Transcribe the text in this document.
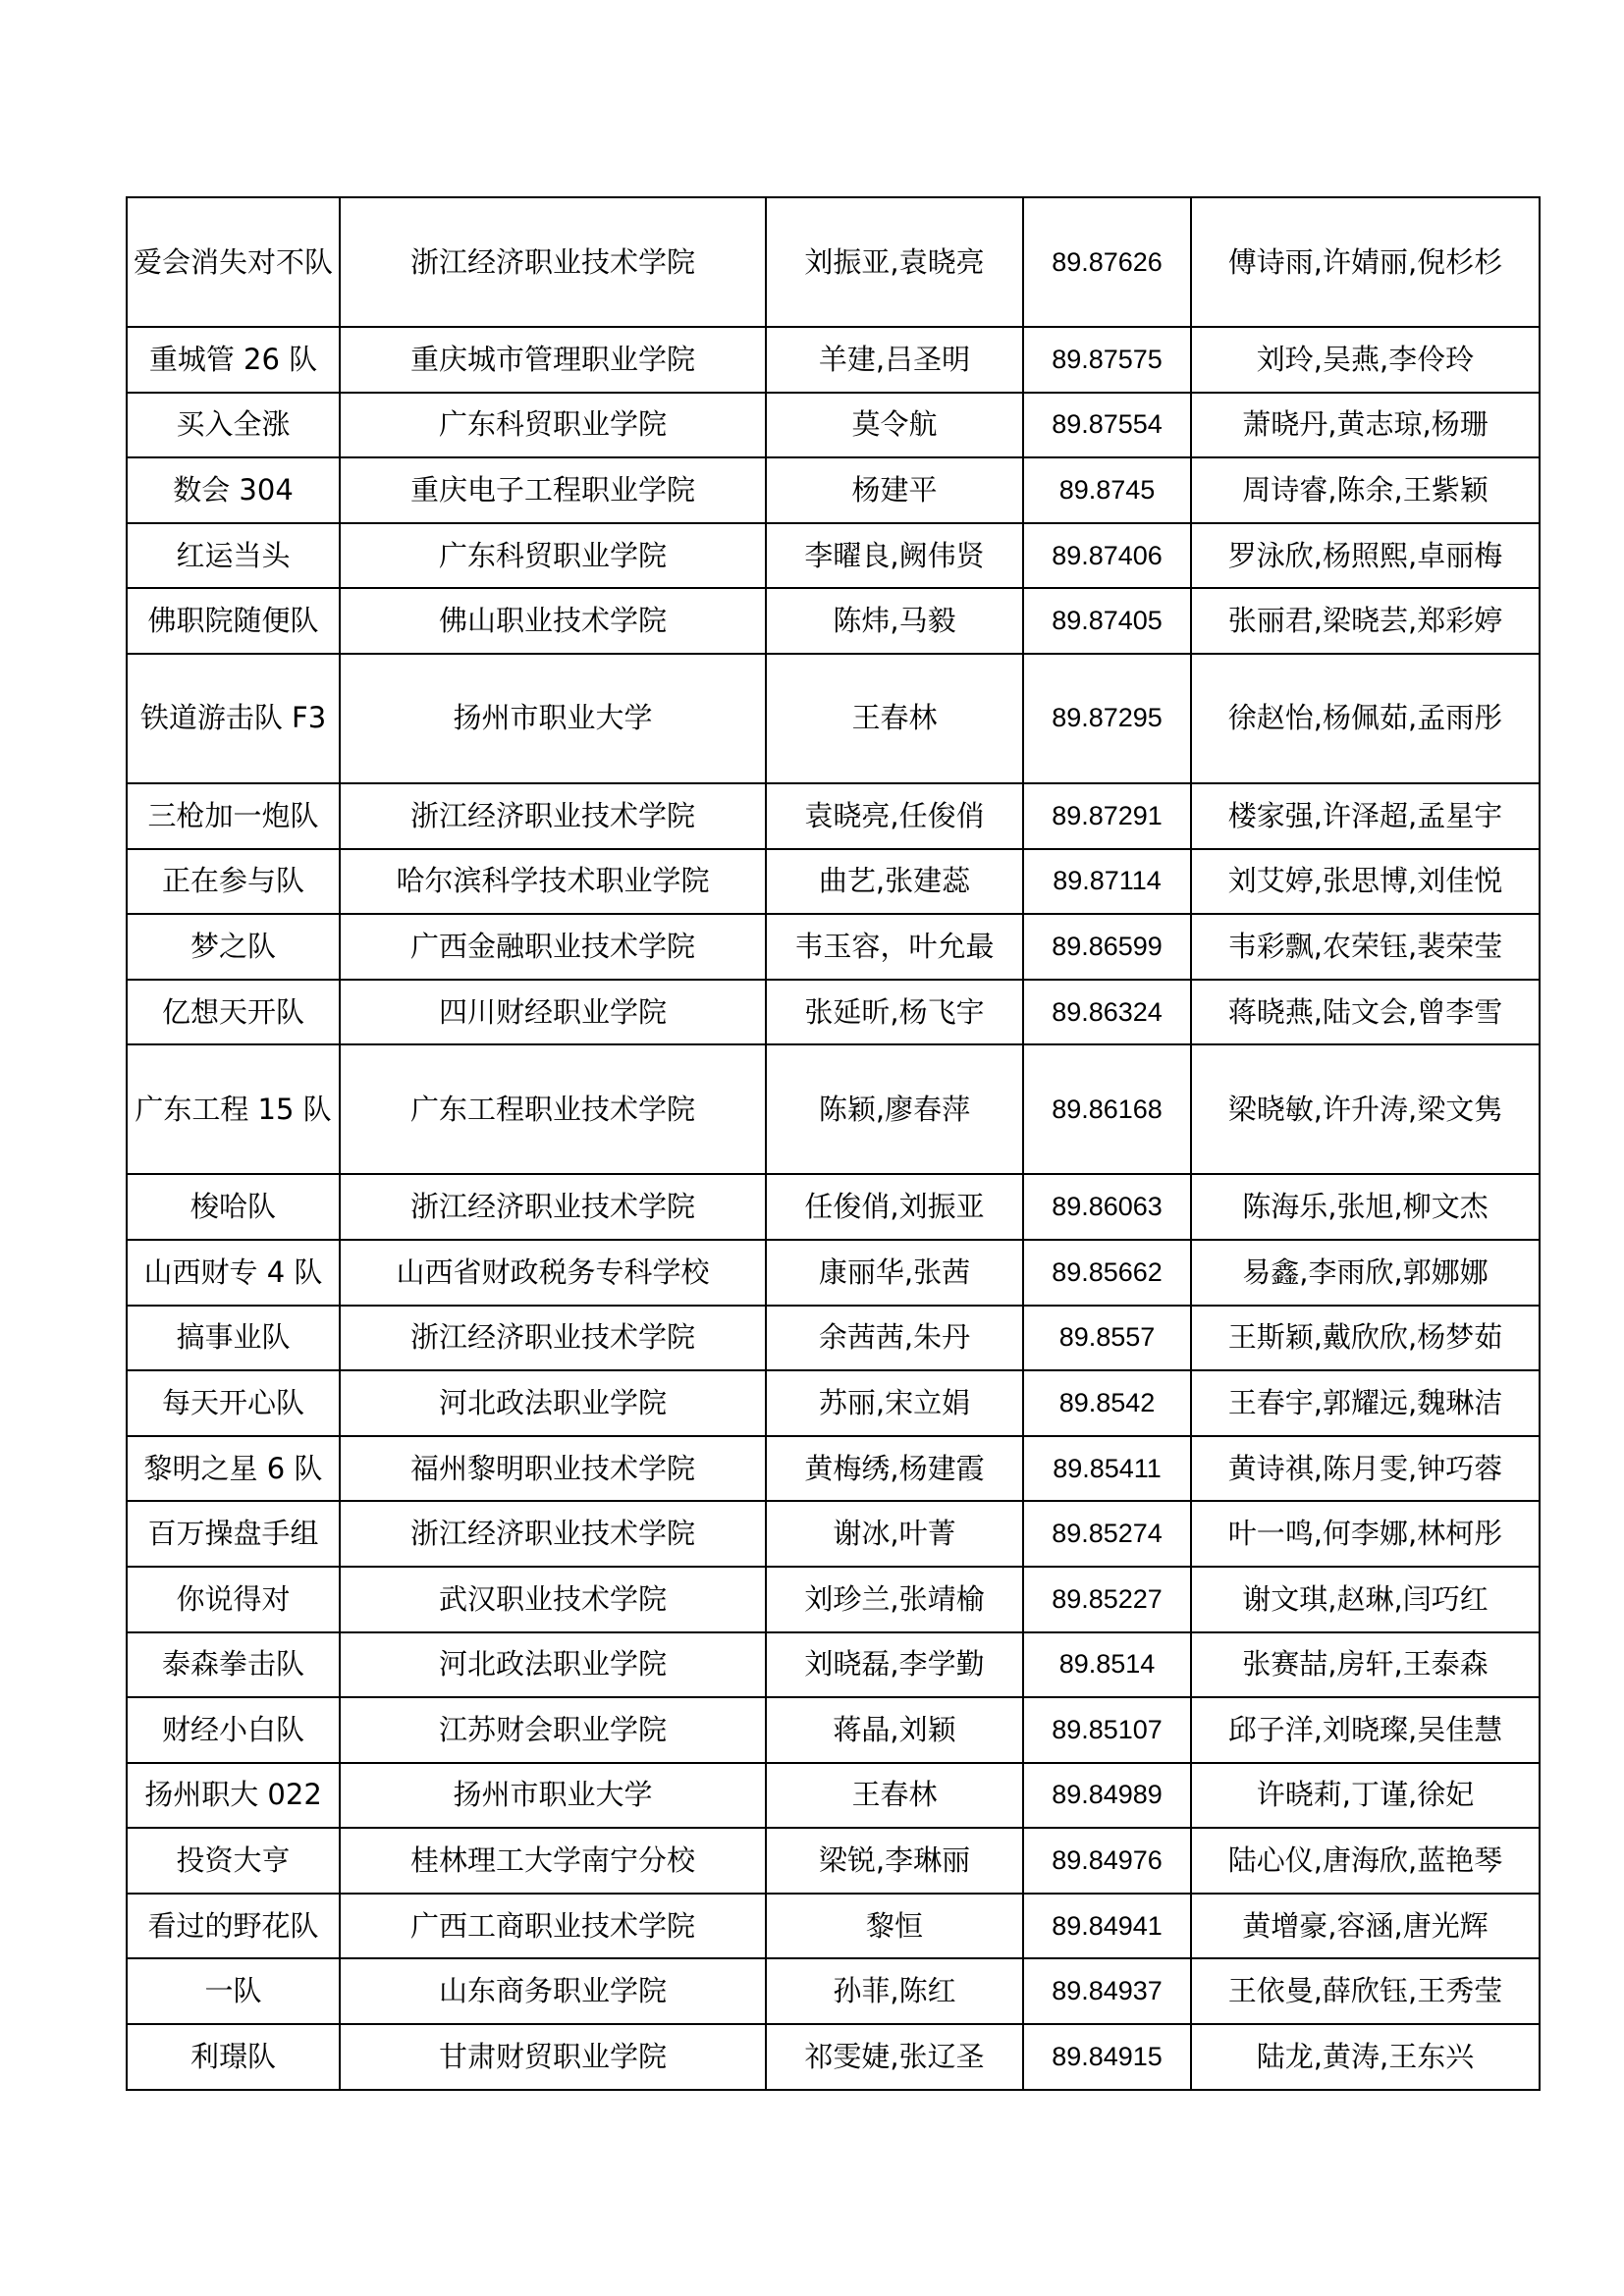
爱会消失对不队	浙江经济职业技术学院	刘振亚,袁晓亮	89.87626	傅诗雨,许婧丽,倪杉杉
重城管 26 队	重庆城市管理职业学院	羊建,吕圣明	89.87575	刘玲,吴燕,李伶玲
买入全涨	广东科贸职业学院	莫令航	89.87554	萧晓丹,黄志琼,杨珊
数会 304	重庆电子工程职业学院	杨建平	89.8745	周诗睿,陈余,王紫颖
红运当头	广东科贸职业学院	李曜良,阙伟贤	89.87406	罗泳欣,杨照熙,卓丽梅
佛职院随便队	佛山职业技术学院	陈炜,马毅	89.87405	张丽君,梁晓芸,郑彩婷
铁道游击队 F3	扬州市职业大学	王春林	89.87295	徐赵怡,杨佩茹,孟雨彤
三枪加一炮队	浙江经济职业技术学院	袁晓亮,任俊俏	89.87291	楼家强,许泽超,孟星宇
正在参与队	哈尔滨科学技术职业学院	曲艺,张建蕊	89.87114	刘艾婷,张思博,刘佳悦
梦之队	广西金融职业技术学院	韦玉容，叶允最	89.86599	韦彩飘,农荣钰,裴荣莹
亿想天开队	四川财经职业学院	张延昕,杨飞宇	89.86324	蒋晓燕,陆文会,曾李雪
广东工程 15 队	广东工程职业技术学院	陈颖,廖春萍	89.86168	梁晓敏,许升涛,梁文隽
梭哈队	浙江经济职业技术学院	任俊俏,刘振亚	89.86063	陈海乐,张旭,柳文杰
山西财专 4 队	山西省财政税务专科学校	康丽华,张茜	89.85662	易鑫,李雨欣,郭娜娜
搞事业队	浙江经济职业技术学院	余茜茜,朱丹	89.8557	王斯颖,戴欣欣,杨梦茹
每天开心队	河北政法职业学院	苏丽,宋立娟	89.8542	王春宇,郭耀远,魏琳洁
黎明之星 6 队	福州黎明职业技术学院	黄梅绣,杨建霞	89.85411	黄诗祺,陈月雯,钟巧蓉
百万操盘手组	浙江经济职业技术学院	谢冰,叶菁	89.85274	叶一鸣,何李娜,林柯彤
你说得对	武汉职业技术学院	刘珍兰,张靖榆	89.85227	谢文琪,赵琳,闫巧红
泰森拳击队	河北政法职业学院	刘晓磊,李学勤	89.8514	张赛喆,房轩,王泰森
财经小白队	江苏财会职业学院	蒋晶,刘颖	89.85107	邱子洋,刘晓璨,吴佳慧
扬州职大 022	扬州市职业大学	王春林	89.84989	许晓莉,丁谨,徐妃
投资大亨	桂林理工大学南宁分校	梁锐,李琳丽	89.84976	陆心仪,唐海欣,蓝艳琴
看过的野花队	广西工商职业技术学院	黎恒	89.84941	黄增豪,容涵,唐光辉
一队	山东商务职业学院	孙菲,陈红	89.84937	王依曼,薛欣钰,王秀莹
利璟队	甘肃财贸职业学院	祁雯婕,张辽圣	89.84915	陆龙,黄涛,王东兴
